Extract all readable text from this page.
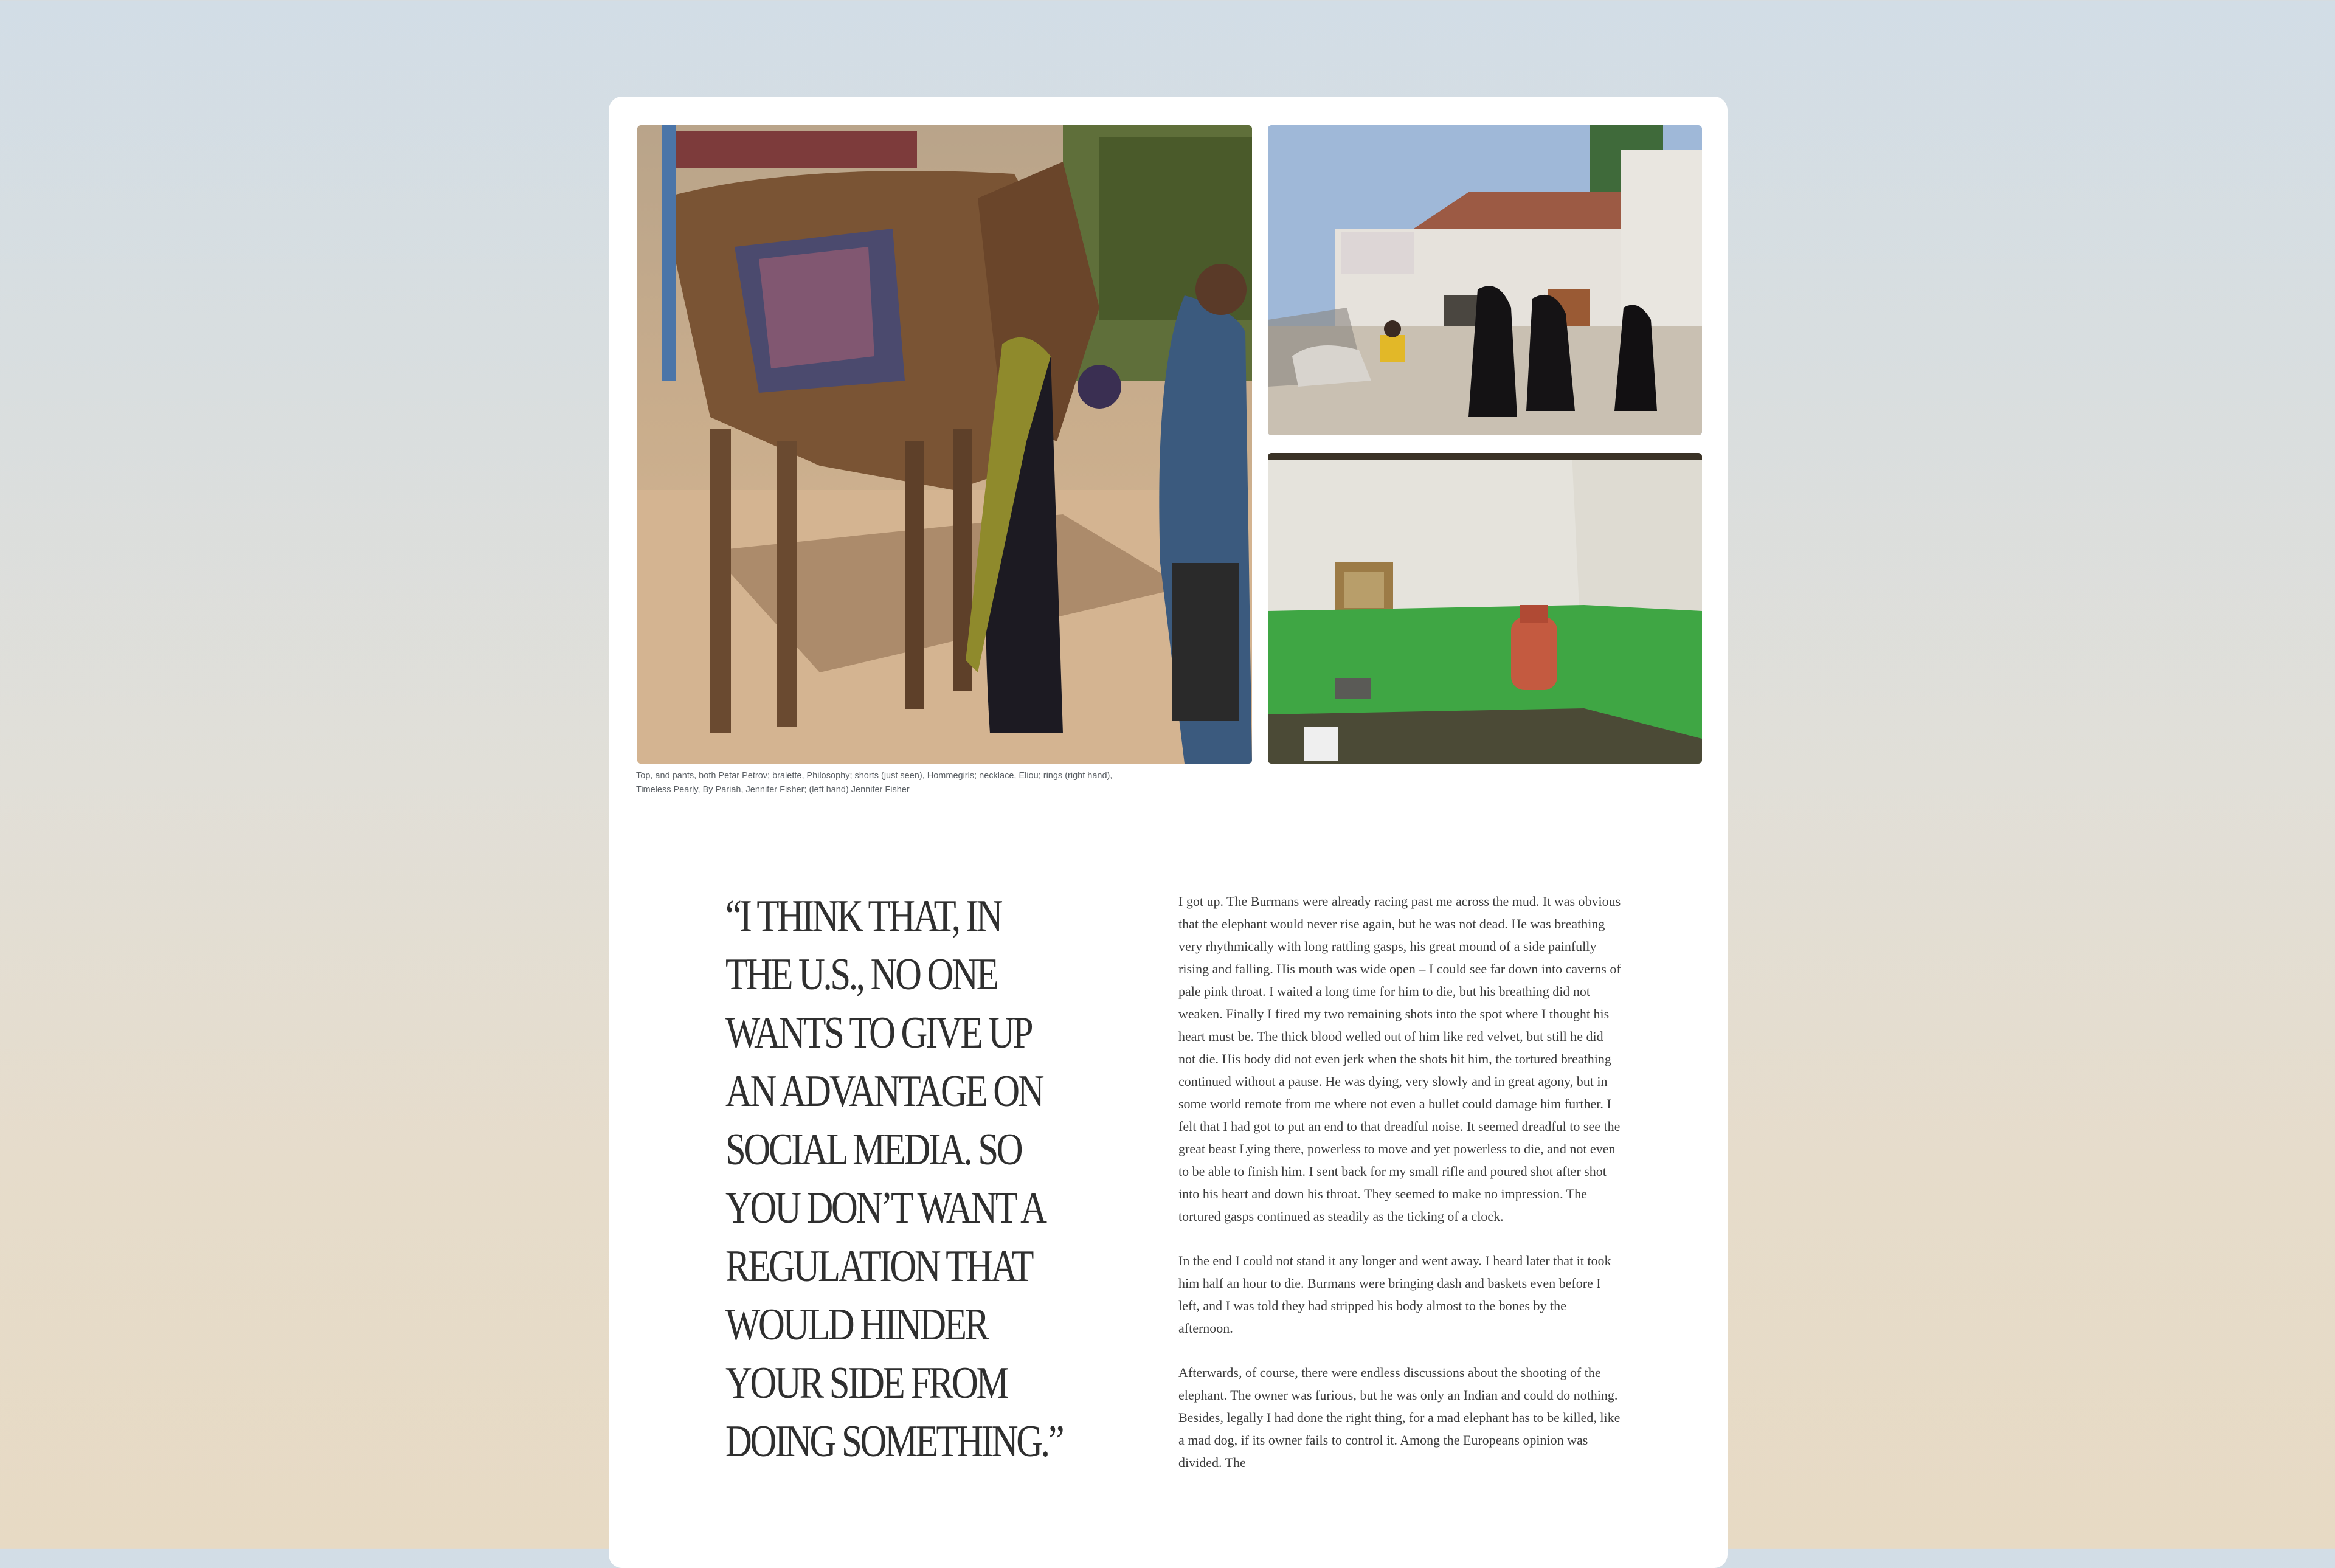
Top, and pants, both Petar Petrov; bralette, Philosophy; shorts (just seen), Hommegirls; necklace, Eliou; rings (right hand),
Timeless Pearly, By Pariah, Jennifer Fisher; (left hand) Jennifer Fisher
“I THINK THAT, IN THE U.S., NO ONE WANTS TO GIVE UP AN ADVANTAGE ON SOCIAL MEDIA. SO YOU DON’T WANT A REGULATION THAT WOULD HINDER YOUR SIDE FROM DOING SOMETHING.”

I got up. The Burmans were already racing past me across the mud. It was obvious that the elephant would never rise again, but he was not dead. He was breathing very rhythmically with long rattling gasps, his great mound of a side painfully rising and falling. His mouth was wide open – I could see far down into caverns of pale pink throat. I waited a long time for him to die, but his breathing did not weaken. Finally I fired my two remaining shots into the spot where I thought his heart must be. The thick blood welled out of him like red velvet, but still he did not die. His body did not even jerk when the shots hit him, the tortured breathing continued without a pause. He was dying, very slowly and in great agony, but in some world remote from me where not even a bullet could damage him further. I felt that I had got to put an end to that dreadful noise. It seemed dreadful to see the great beast Lying there, powerless to move and yet powerless to die, and not even to be able to finish him. I sent back for my small rifle and poured shot after shot into his heart and down his throat. They seemed to make no impression. The tortured gasps continued as steadily as the ticking of a clock.

In the end I could not stand it any longer and went away. I heard later that it took him half an hour to die. Burmans were bringing dash and baskets even before I left, and I was told they had stripped his body almost to the bones by the afternoon.

Afterwards, of course, there were endless discussions about the shooting of the elephant. The owner was furious, but he was only an Indian and could do nothing. Besides, legally I had done the right thing, for a mad elephant has to be killed, like a mad dog, if its owner fails to control it. Among the Europeans opinion was divided. The
